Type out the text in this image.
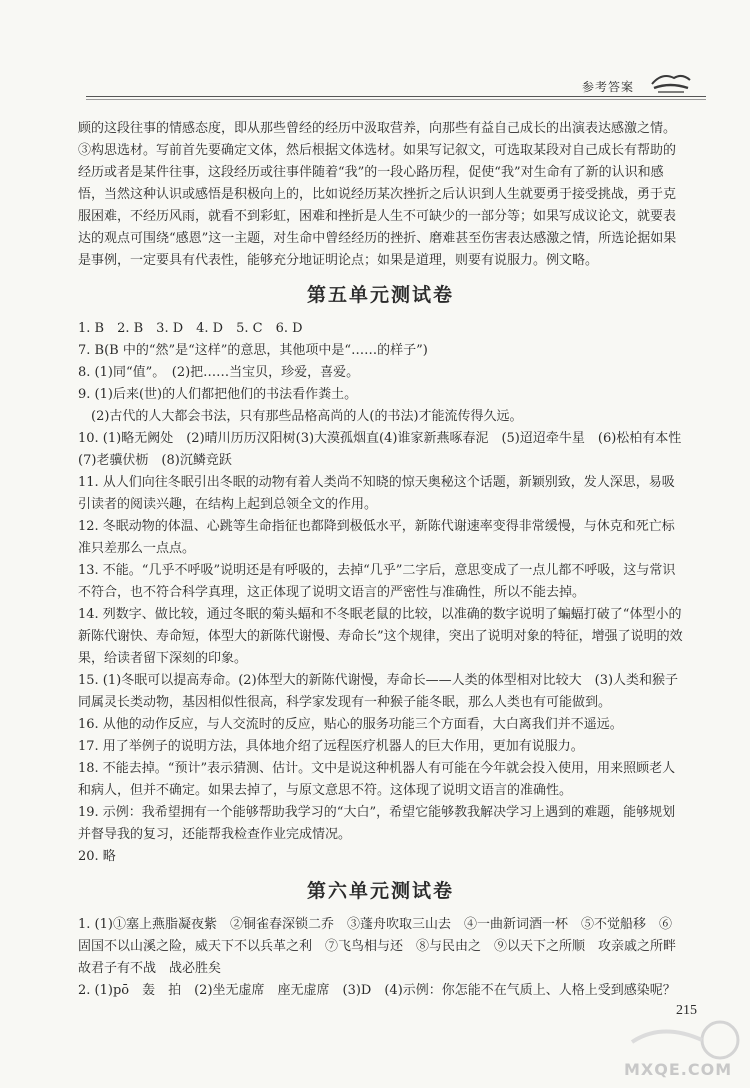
参考答案

顾的这段往事的情感态度，即从那些曾经的经历中汲取营养，向那些有益自己成长的出演表达感激之情。③构思选材。写前首先要确定文体，然后根据文体选材。如果写记叙文，可选取某段对自己成长有帮助的经历或者是某件往事，这段经历或往事伴随着“我”的一段心路历程，促使“我”对生命有了新的认识和感悟，当然这种认识或感悟是积极向上的，比如说经历某次挫折之后认识到人生就要勇于接受挑战，勇于克服困难，不经历风雨，就看不到彩虹，困难和挫折是人生不可缺少的一部分等；如果写成议论文，就要表达的观点可围绕“感恩”这一主题，对生命中曾经经历的挫折、磨难甚至伤害表达感激之情，所选论据如果是事例，一定要具有代表性，能够充分地证明论点；如果是道理，则要有说服力。例文略。

第五单元测试卷

1. B　2. B　3. D　4. D　5. C　6. D

7. B(B 中的“然”是“这样”的意思，其他项中是“……的样子”)

8. (1)同“值”。　(2)把……当宝贝，珍爱，喜爱。

9. (1)后来(世)的人们都把他们的书法看作粪土。

　(2)古代的人大都会书法，只有那些品格高尚的人(的书法)才能流传得久远。

10. (1)略无阙处　(2)晴川历历汉阳树(3)大漠孤烟直(4)谁家新燕啄春泥　(5)迢迢牵牛星　(6)松柏有本性　(7)老骥伏枥　(8)沉鳞竞跃

11. 从人们向往冬眠引出冬眠的动物有着人类尚不知晓的惊天奥秘这个话题，新颖别致，发人深思，易吸引读者的阅读兴趣，在结构上起到总领全文的作用。

12. 冬眠动物的体温、心跳等生命指征也都降到极低水平，新陈代谢速率变得非常缓慢，与休克和死亡标准只差那么一点点。

13. 不能。“几乎不呼吸”说明还是有呼吸的，去掉“几乎”二字后，意思变成了一点儿都不呼吸，这与常识不符合，也不符合科学真理，这正体现了说明文语言的严密性与准确性，所以不能去掉。

14. 列数字、做比较，通过冬眠的菊头蝠和不冬眠老鼠的比较，以准确的数字说明了蝙蝠打破了“体型小的新陈代谢快、寿命短，体型大的新陈代谢慢、寿命长”这个规律，突出了说明对象的特征，增强了说明的效果，给读者留下深刻的印象。

15. (1)冬眠可以提高寿命。(2)体型大的新陈代谢慢，寿命长——人类的体型相对比较大　(3)人类和猴子同属灵长类动物，基因相似性很高，科学家发现有一种猴子能冬眠，那么人类也有可能做到。

16. 从他的动作反应，与人交流时的反应，贴心的服务功能三个方面看，大白离我们并不遥远。

17. 用了举例子的说明方法，具体地介绍了远程医疗机器人的巨大作用，更加有说服力。

18. 不能去掉。“预计”表示猜测、估计。文中是说这种机器人有可能在今年就会投入使用，用来照顾老人和病人，但并不确定。如果去掉了，与原文意思不符。这体现了说明文语言的准确性。

19. 示例：我希望拥有一个能够帮助我学习的“大白”，希望它能够教我解决学习上遇到的难题，能够规划并督导我的复习，还能帮我检查作业完成情况。

20. 略

第六单元测试卷

1. (1)①塞上燕脂凝夜紫　②铜雀春深锁二乔　③蓬舟吹取三山去　④一曲新词酒一杯　⑤不觉船移　⑥固国不以山溪之险，威天下不以兵革之利　⑦飞鸟相与还　⑧与民由之　⑨以天下之所顺　攻亲戚之所畔　故君子有不战　战必胜矣

2. (1)pō　轰　拍　(2)坐无虚席　座无虚席　(3)D　(4)示例：你怎能不在气质上、人格上受到感染呢？

215
MXQE.COM
